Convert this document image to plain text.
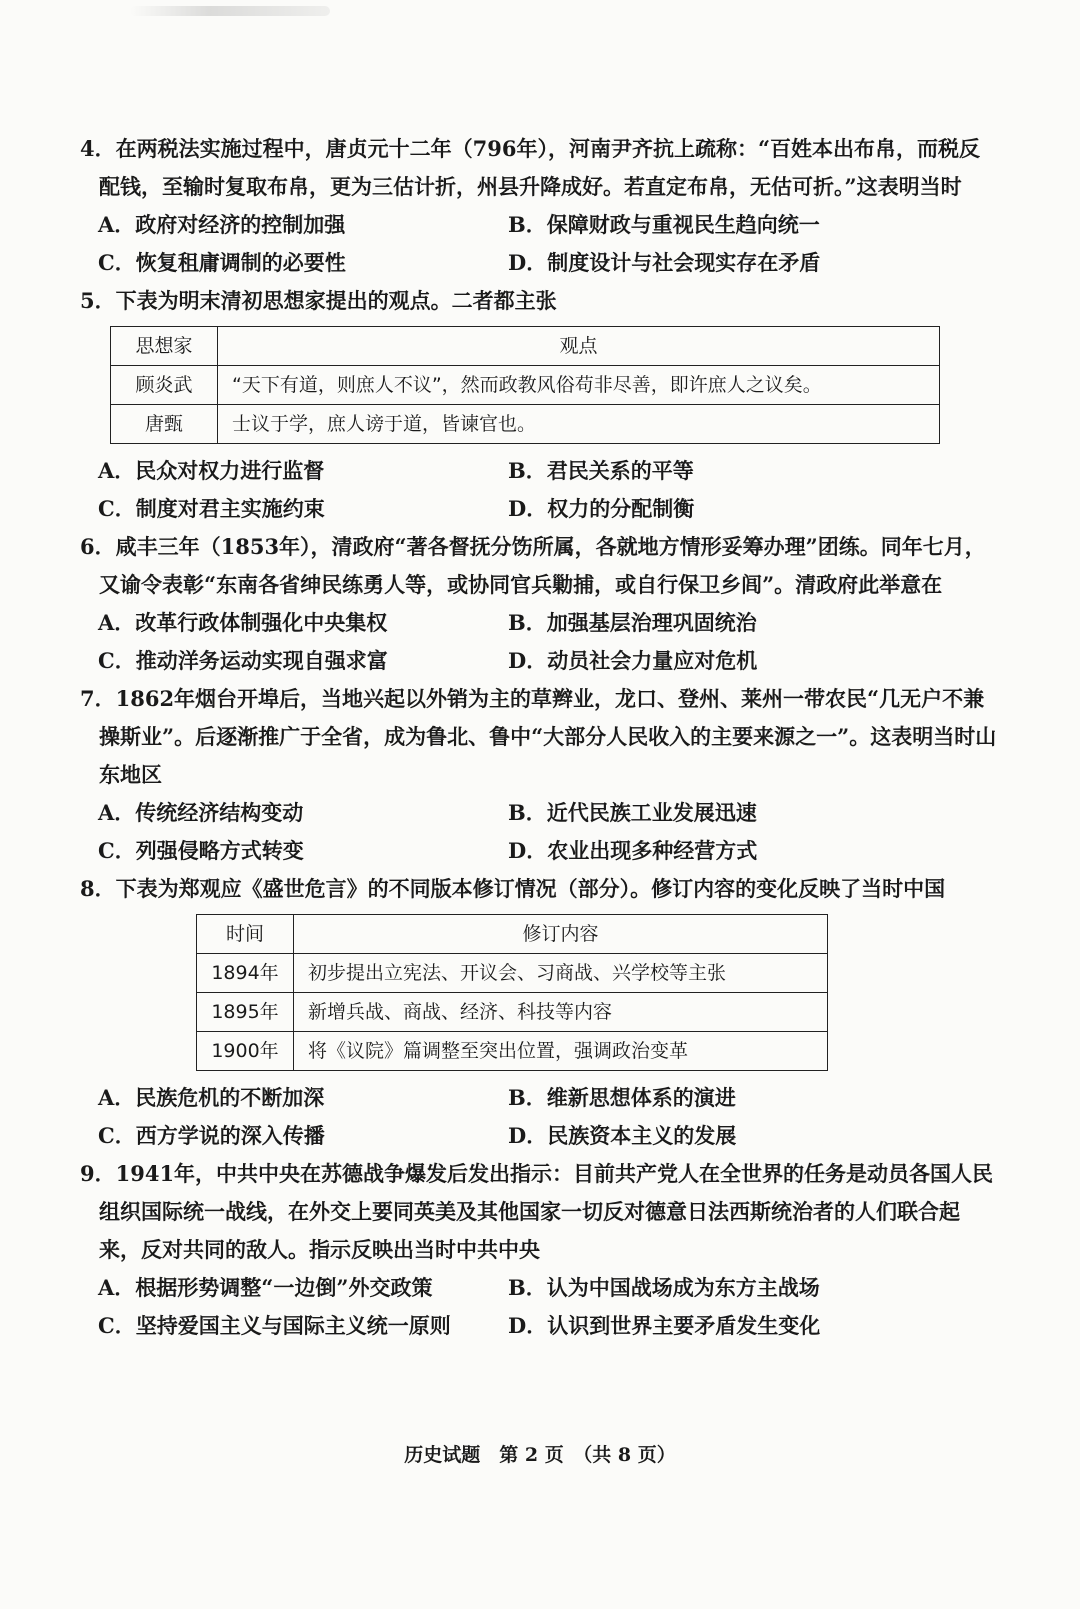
4．在两税法实施过程中，唐贞元十二年（796年），河南尹齐抗上疏称：“百姓本出布帛，而税反配钱，至输时复取布帛，更为三估计折，州县升降成好。若直定布帛，无估可折。”这表明当时
A．政府对经济的控制加强	B．保障财政与重视民生趋向统一
C．恢复租庸调制的必要性	D．制度设计与社会现实存在矛盾
5．下表为明末清初思想家提出的观点。二者都主张
思想家	观点
顾炎武	“天下有道，则庶人不议”，然而政教风俗苟非尽善，即许庶人之议矣。
唐甄	士议于学，庶人谤于道，皆谏官也。
A．民众对权力进行监督	B．君民关系的平等
C．制度对君主实施约束	D．权力的分配制衡
6．咸丰三年（1853年），清政府“著各督抚分饬所属，各就地方情形妥筹办理”团练。同年七月，又谕令表彰“东南各省绅民练勇人等，或协同官兵勦捕，或自行保卫乡闾”。清政府此举意在
A．改革行政体制强化中央集权	B．加强基层治理巩固统治
C．推动洋务运动实现自强求富	D．动员社会力量应对危机
7．1862年烟台开埠后，当地兴起以外销为主的草辫业，龙口、登州、莱州一带农民“几无户不兼操斯业”。后逐渐推广于全省，成为鲁北、鲁中“大部分人民收入的主要来源之一”。这表明当时山东地区
A．传统经济结构变动	B．近代民族工业发展迅速
C．列强侵略方式转变	D．农业出现多种经营方式
8．下表为郑观应《盛世危言》的不同版本修订情况（部分）。修订内容的变化反映了当时中国
时间	修订内容
1894年	初步提出立宪法、开议会、习商战、兴学校等主张
1895年	新增兵战、商战、经济、科技等内容
1900年	将《议院》篇调整至突出位置，强调政治变革
A．民族危机的不断加深	B．维新思想体系的演进
C．西方学说的深入传播	D．民族资本主义的发展
9．1941年，中共中央在苏德战争爆发后发出指示：目前共产党人在全世界的任务是动员各国人民组织国际统一战线，在外交上要同英美及其他国家一切反对德意日法西斯统治者的人们联合起来，反对共同的敌人。指示反映出当时中共中央
A．根据形势调整“一边倒”外交政策	B．认为中国战场成为东方主战场
C．坚持爱国主义与国际主义统一原则	D．认识到世界主要矛盾发生变化
历史试题　第 2 页　（共 8 页）
